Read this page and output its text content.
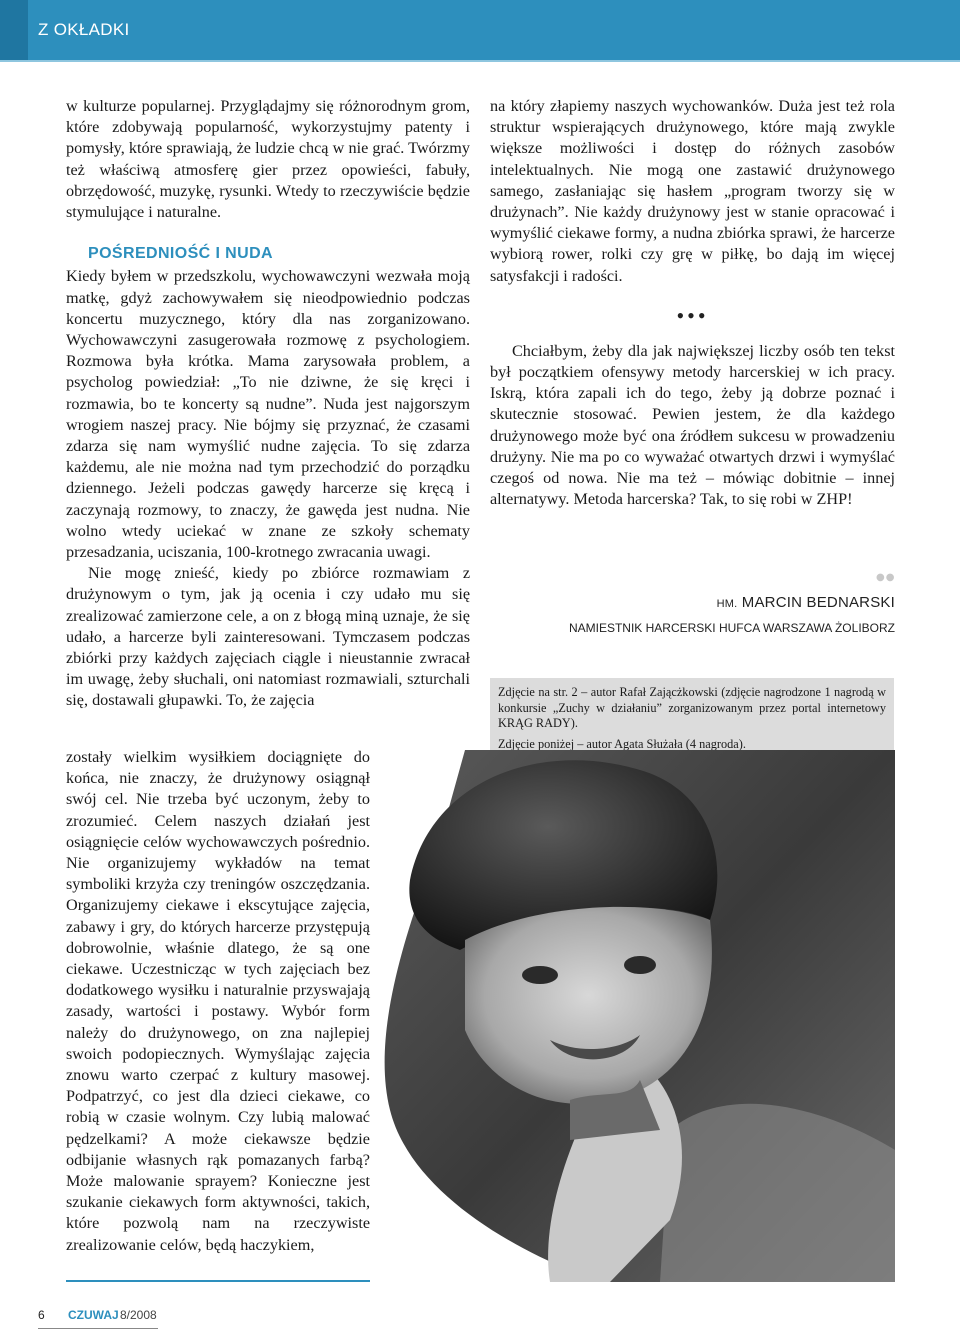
Z OKŁADKI

w kulturze popularnej. Przyglądajmy się różnorodnym grom, które zdobywają popularność, wykorzystujmy patenty i pomysły, które sprawiają, że ludzie chcą w nie grać. Twórzmy też właściwą atmosferę gier przez opowieści, fabuły, obrzędowość, muzykę, rysunki. Wtedy to rzeczywiście będzie stymulujące i naturalne.

POŚREDNIOŚĆ I NUDA

Kiedy byłem w przedszkolu, wychowawczyni wezwała moją matkę, gdyż zachowywałem się nieodpowiednio podczas koncertu muzycznego, który dla nas zorganizowano. Wychowawczyni zasugerowała rozmowę z psychologiem. Rozmowa była krótka. Mama zarysowała problem, a psycholog powiedział: „To nie dziwne, że się kręci i rozmawia, bo te koncerty są nudne”. Nuda jest najgorszym wrogiem naszej pracy. Nie bójmy się przyznać, że czasami zdarza się nam wymyślić nudne zajęcia. To się zdarza każdemu, ale nie można nad tym przechodzić do porządku dziennego. Jeżeli podczas gawędy harcerze się kręcą i zaczynają rozmowy, to znaczy, że gawęda jest nudna. Nie wolno wtedy uciekać w znane ze szkoły schematy przesadzania, uciszania, 100-krotnego zwracania uwagi.

Nie mogę znieść, kiedy po zbiórce rozmawiam z drużynowym o tym, jak ją ocenia i czy udało mu się zrealizować zamierzone cele, a on z błogą miną uznaje, że się udało, a harcerze byli zainteresowani. Tymczasem podczas zbiórki przy każdych zajęciach ciągle i nieustannie zwracał im uwagę, żeby słuchali, oni natomiast rozmawiali, szturchali się, dostawali głupawki. To, że zajęcia

zostały wielkim wysiłkiem dociągnięte do końca, nie znaczy, że drużynowy osiągnął swój cel. Nie trzeba być uczonym, żeby to zrozumieć. Celem naszych działań jest osiągnięcie celów wychowawczych pośrednio. Nie organizujemy wykładów na temat symboliki krzyża czy treningów oszczędzania. Organizujemy ciekawe i ekscytujące zajęcia, zabawy i gry, do których harcerze przystępują dobrowolnie, właśnie dlatego, że są one ciekawe. Uczestnicząc w tych zajęciach bez dodatkowego wysiłku i naturalnie przyswajają zasady, wartości i postawy. Wybór form należy do drużynowego, on zna najlepiej swoich podopiecznych. Wymyślając zajęcia znowu warto czerpać z kultury masowej. Podpatrzyć, co jest dla dzieci ciekawe, co robią w czasie wolnym. Czy lubią malować pędzelkami? A może ciekawsze będzie odbijanie własnych rąk pomazanych farbą? Może malowanie sprayem? Konieczne jest szukanie ciekawych form aktywności, takich, które pozwolą nam na rzeczywiste zrealizowanie celów, będą haczykiem,

na który złapiemy naszych wychowanków. Duża jest też rola struktur wspierających drużynowego, które mają zwykle większe możliwości i dostęp do różnych zasobów intelektualnych. Nie mogą one zastawić drużynowego samego, zasłaniając się hasłem „program tworzy się w drużynach”. Nie każdy drużynowy jest w stanie opracować i wymyślić ciekawe formy, a nudna zbiórka sprawi, że harcerze wybiorą rower, rolki czy grę w piłkę, bo dają im więcej satysfakcji i radości.

•••

Chciałbym, żeby dla jak największej liczby osób ten tekst był początkiem ofensywy metody harcerskiej w ich pracy. Iskrą, która zapali ich do tego, żeby ją dobrze poznać i skutecznie stosować. Pewien jestem, że dla każdego drużynowego może być ona źródłem sukcesu w prowadzeniu drużyny. Nie ma po co wyważać otwartych drzwi i wymyślać czegoś od nowa. Nie ma też – mówiąc dobitnie – innej alternatywy. Metoda harcerska? Tak, to się robi w ZHP!

●●
HM. MARCIN BEDNARSKI
NAMIESTNIK HARCERSKI HUFCA WARSZAWA ŻOLIBORZ

Zdjęcie na str. 2 – autor Rafał Zającżkowski (zdjęcie nagrodzone 1 nagrodą w konkursie „Zuchy w działaniu” zorganizowanym przez portal internetowy KRĄG RADY).

Zdjęcie poniżej – autor Agata Służała (4 nagroda).

6 CZUWAJ 8/2008
